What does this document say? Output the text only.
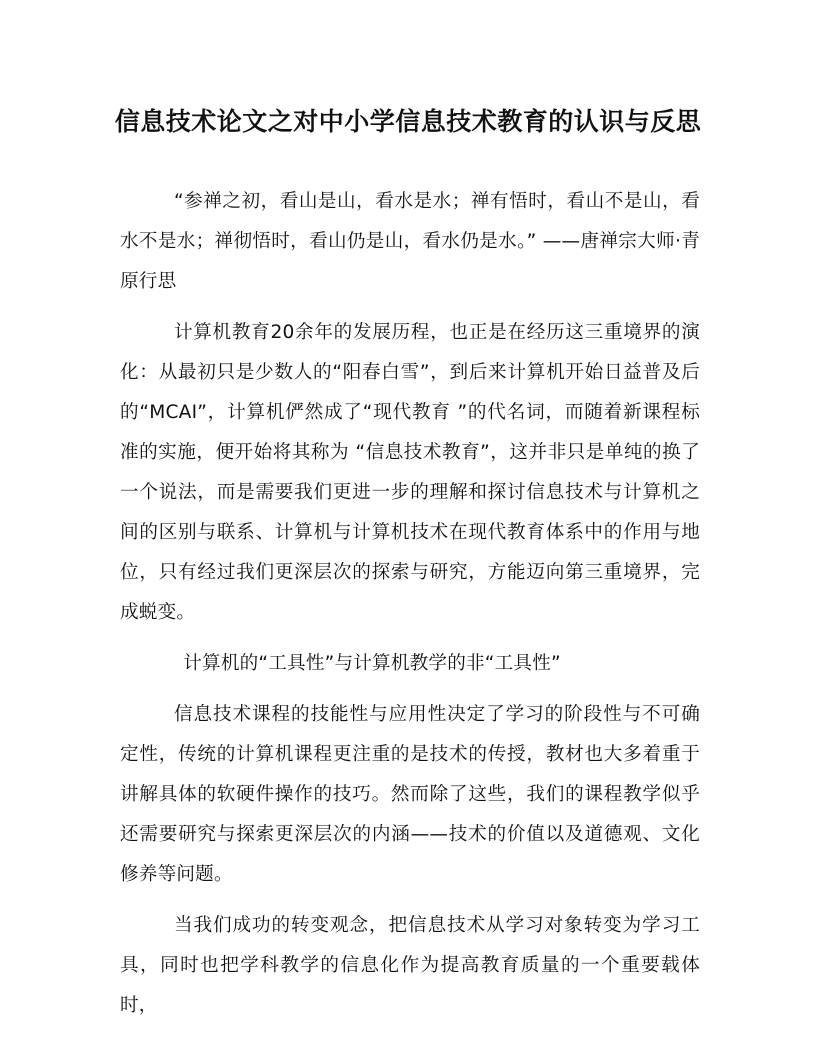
信息技术论文之对中小学信息技术教育的认识与反思

“参禅之初，看山是山，看水是水；禅有悟时，看山不是山，看水不是水；禅彻悟时，看山仍是山，看水仍是水。” ——唐禅宗大师·青原行思

计算机教育20余年的发展历程，也正是在经历这三重境界的演化：从最初只是少数人的“阳春白雪”，到后来计算机开始日益普及后的“MCAI”，计算机俨然成了“现代教育 ”的代名词，而随着新课程标准的实施，便开始将其称为 “信息技术教育”，这并非只是单纯的换了一个说法，而是需要我们更进一步的理解和探讨信息技术与计算机之间的区别与联系、计算机与计算机技术在现代教育体系中的作用与地位，只有经过我们更深层次的探索与研究，方能迈向第三重境界，完成蜕变。

计算机的“工具性”与计算机教学的非“工具性”

信息技术课程的技能性与应用性决定了学习的阶段性与不可确定性，传统的计算机课程更注重的是技术的传授，教材也大多着重于讲解具体的软硬件操作的技巧。然而除了这些，我们的课程教学似乎还需要研究与探索更深层次的内涵——技术的价值以及道德观、文化修养等问题。

当我们成功的转变观念，把信息技术从学习对象转变为学习工具，同时也把学科教学的信息化作为提高教育质量的一个重要载体时，
